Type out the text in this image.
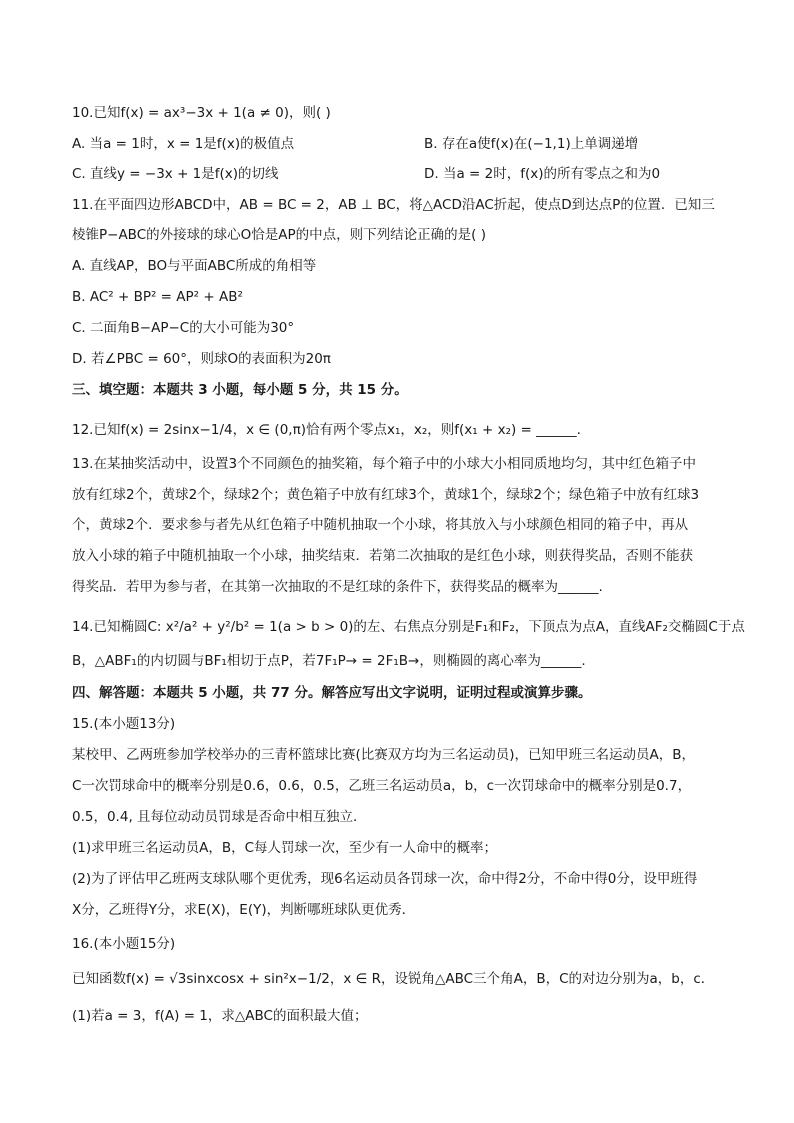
10.已知f(x) = ax³−3x + 1(a ≠ 0)，则( )
A. 当a = 1时，x = 1是f(x)的极值点	B. 存在a使f(x)在(−1,1)上单调递增
C. 直线y = −3x + 1是f(x)的切线	D. 当a = 2时，f(x)的所有零点之和为0
11.在平面四边形ABCD中，AB = BC = 2，AB ⊥ BC，将△ACD沿AC折起，使点D到达点P的位置．已知三
棱锥P−ABC的外接球的球心O恰是AP的中点，则下列结论正确的是( )
A. 直线AP，BO与平面ABC所成的角相等
B. AC² + BP² = AP² + AB²
C. 二面角B−AP−C的大小可能为30°
D. 若∠PBC = 60°，则球O的表面积为20π
三、填空题：本题共 3 小题，每小题 5 分，共 15 分。
12.已知f(x) = 2sinx−1/4，x ∈ (0,π)恰有两个零点x₁，x₂，则f(x₁ + x₂) = ______.
13.在某抽奖活动中，设置3个不同颜色的抽奖箱，每个箱子中的小球大小相同质地均匀，其中红色箱子中
放有红球2个，黄球2个，绿球2个；黄色箱子中放有红球3个，黄球1个，绿球2个；绿色箱子中放有红球3
个，黄球2个．要求参与者先从红色箱子中随机抽取一个小球，将其放入与小球颜色相同的箱子中，再从
放入小球的箱子中随机抽取一个小球，抽奖结束．若第二次抽取的是红色小球，则获得奖品，否则不能获
得奖品．若甲为参与者，在其第一次抽取的不是红球的条件下，获得奖品的概率为______.
14.已知椭圆C: x²/a² + y²/b² = 1(a > b > 0)的左、右焦点分别是F₁和F₂，下顶点为点A，直线AF₂交椭圆C于点
B，△ABF₁的内切圆与BF₁相切于点P，若7F₁P→ = 2F₁B→，则椭圆的离心率为______.
四、解答题：本题共 5 小题，共 77 分。解答应写出文字说明，证明过程或演算步骤。
15.(本小题13分)
某校甲、乙两班参加学校举办的三青杯篮球比赛(比赛双方均为三名运动员)，已知甲班三名运动员A，B，
C一次罚球命中的概率分别是0.6，0.6，0.5，乙班三名运动员a，b，c一次罚球命中的概率分别是0.7，
0.5，0.4, 且每位动动员罚球是否命中相互独立．
(1)求甲班三名运动员A，B，C每人罚球一次，至少有一人命中的概率；
(2)为了评估甲乙班两支球队哪个更优秀，现6名运动员各罚球一次，命中得2分，不命中得0分，设甲班得
X分，乙班得Y分，求E(X)，E(Y)，判断哪班球队更优秀．
16.(本小题15分)
已知函数f(x) = √3sinxcosx + sin²x−1/2，x ∈ R，设锐角△ABC三个角A，B，C的对边分别为a，b，c．
(1)若a = 3，f(A) = 1，求△ABC的面积最大值；
